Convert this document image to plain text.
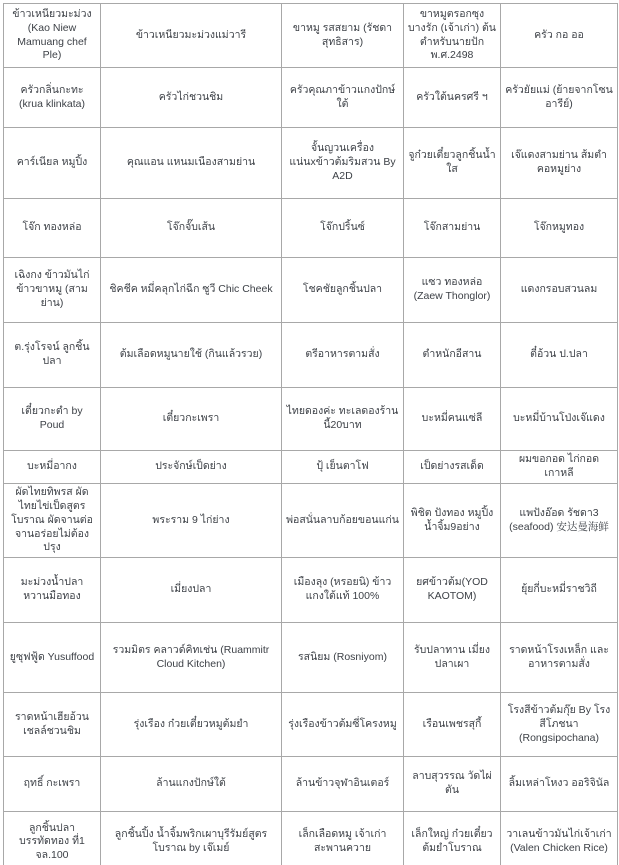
ข้าวเหนียวมะม่วง (Kao Niew Mamuang chef Ple)	ข้าวเหนียวมะม่วงแม่วารี	ขาหมู รสสยาม (รัชดา สุทธิสาร)	ขาหมูตรอกซุงบางรัก (เจ้าเก่า) ต้นตำหรับนายปัก พ.ศ.2498	ครัว กอ ออ
ครัวกลิ่นกะทะ (krua klinkata)	ครัวไก่ชวนชิม	ครัวคุณภาข้าวแกงปักษ์ใต้	ครัวใต้นครศรี ฯ	ครัวยัยแม่ (ย้ายจากโซนอารีย์)
คาร์เนียล หมูปิ้ง	คุณแอน แหนมเนืองสามย่าน	จั้นญวนเครื่องแน่นxข้าวต้มริมสวน By A2D	จูก๋วยเตี๋ยวลูกชิ้นน้ำใส	เจ๊แดงสามย่าน ส้มตำ คอหมูย่าง
โจ๊ก ทองหล่อ	โจ๊กจั๊บเส้น	โจ๊กปริ้นซ์	โจ๊กสามย่าน	โจ๊กหมูทอง
เฉิงกง ข้าวมันไก่ ข้าวขาหมู (สามย่าน)	ชิคชีค หมี่คลุกไก่ฉีก ซูวี Chic Cheek	โชคชัยลูกชิ้นปลา	แซว ทองหล่อ (Zaew Thonglor)	แดงกรอบสวนลม
ต.รุ่งโรจน์ ลูกชิ้นปลา	ต้มเลือดหมูนายใช้ (กินแล้วรวย)	ตรีอาหารตามสั่ง	ตำหนักอีสาน	ตี๋อ้วน ป.ปลา
เตี๋ยวกะตำ by Poud	เตี๋ยวกะเพรา	ไทยดองค่ะ ทะเลดองร้านนี้20บาท	บะหมี่คนแซ่ลี	บะหมี่บ้านโป่งเจ๊แดง
บะหมี่อากง	ประจักษ์เป็ดย่าง	ปุ้ เย็นตาโฟ	เป็ดย่างรสเด็ด	ผมขอกอด ไก่กอดเกาหลี
ผัดไทยทิพรส ผัดไทยไข่เป็ดสูตรโบราณ ผัดจานต่อจานอร่อยไม่ต้องปรุง	พระราม 9 ไก่ย่าง	พ่อสนั่นลาบก้อยขอนแก่น	พิชิต ปังทอง หมูปิ้งน้ำจิ้ม9อย่าง	แพปังอ๊อด รัชดา3 (seafood) 安达曼海鲜
มะม่วงน้ำปลาหวานมือทอง	เมี่ยงปลา	เมืองลุง (หรอยนิ) ข้าวแกงใต้แท้ 100%	ยศข้าวต้ม(YOD KAOTOM)	ยุ้ยกี่บะหมี่ราชวิถี
ยูซุฟฟู้ด Yusuffood	รวมมิตร คลาวด์คิทเช่น (Ruammitr Cloud Kitchen)	รสนิยม (Rosniyom)	รับปลาทาน เมี่ยงปลาเผา	ราดหน้าโรงเหล็ก และอาหารตามสั่ง
ราดหน้าเฮียอ้วน เชลล์ชวนชิม	รุ่งเรือง ก๋วยเตี๋ยวหมูต้มยำ	รุ่งเรืองข้าวต้มซี่โครงหมู	เรือนเพชรสุกี้	โรงสีข้าวต้มกุ๊ย By โรงสีโภชนา (Rongsipochana)
ฤทธิ์ กะเพรา	ล้านแกงปักษ์ใต้	ล้านข้าวจุฬาอินเตอร์	ลาบสุวรรณ วัดไผ่ตัน	ลิ้มเหล่าโหงว ออริจินัล
ลูกชิ้นปลาบรรทัดทอง ที่1 จล.100	ลูกชิ้นปิ้ง น้ำจิ้มพริกเผาบุรีรัมย์สูตรโบราณ by เจ๊เมย์	เล็กเลือดหมู เจ้าเก่าสะพานควาย	เล็กใหญ่ ก๋วยเตี๋ยวต้มยำโบราณ	วาเลนข้าวมันไก่เจ้าเก่า (Valen Chicken Rice)
